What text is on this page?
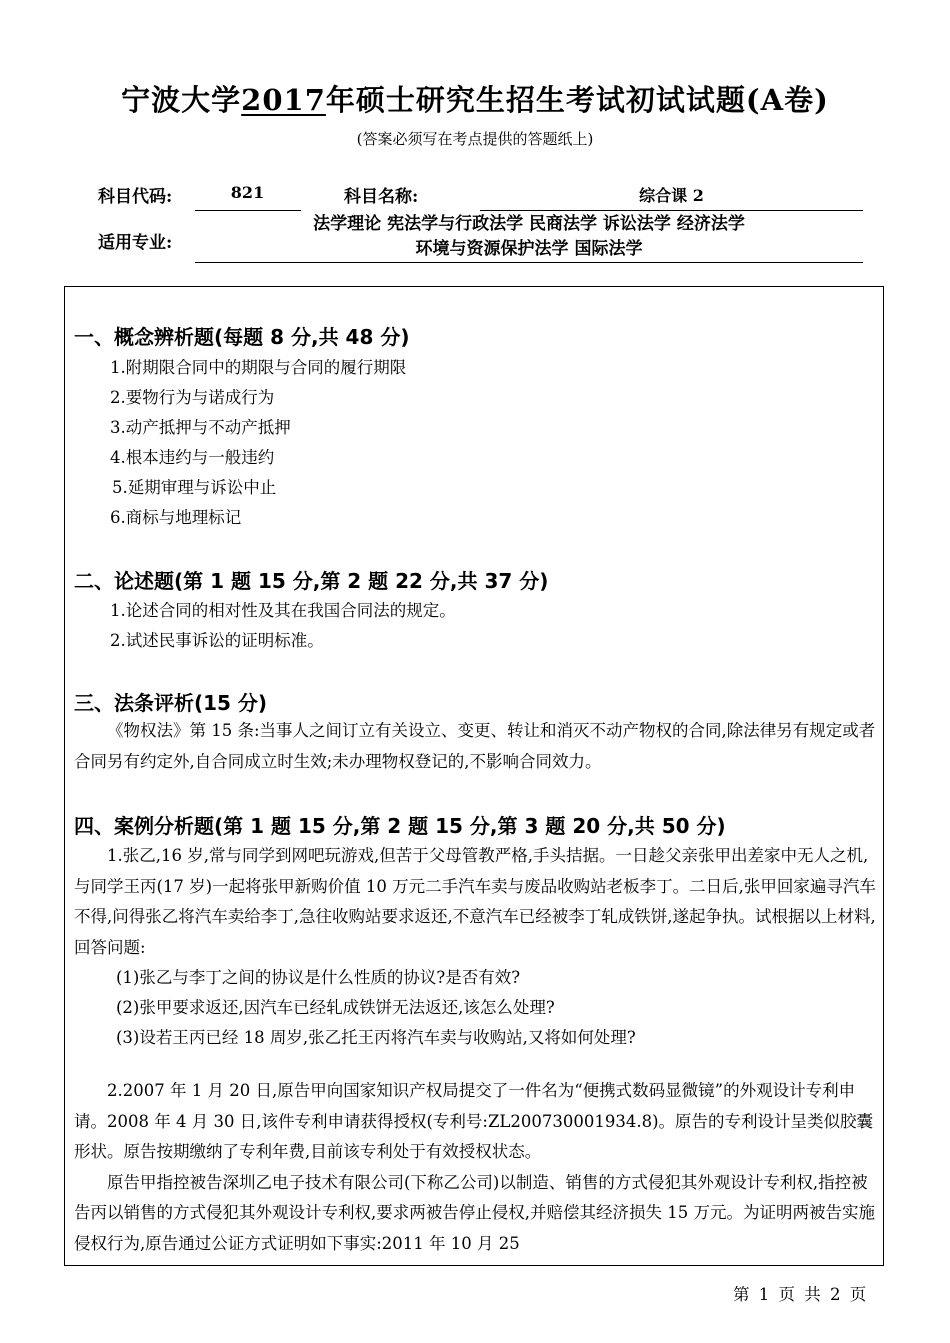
宁波大学2017年硕士研究生招生考试初试试题(A卷)
(答案必须写在考点提供的答题纸上)
科目代码:	821	科目名称:	综合课 2
适用专业:
法学理论 宪法学与行政法学 民商法学 诉讼法学 经济法学
环境与资源保护法学 国际法学
一、概念辨析题(每题 8 分,共 48 分)
1.附期限合同中的期限与合同的履行期限
2.要物行为与诺成行为
3.动产抵押与不动产抵押
4.根本违约与一般违约
5.延期审理与诉讼中止
6.商标与地理标记
二、论述题(第 1 题 15 分,第 2 题 22 分,共 37 分)
1.论述合同的相对性及其在我国合同法的规定。
2.试述民事诉讼的证明标准。
三、法条评析(15 分)

《物权法》第 15 条:当事人之间订立有关设立、变更、转让和消灭不动产物权的合同,除法律另有规定或者合同另有约定外,自合同成立时生效;未办理物权登记的,不影响合同效力。

四、案例分析题(第 1 题 15 分,第 2 题 15 分,第 3 题 20 分,共 50 分)

1.张乙,16 岁,常与同学到网吧玩游戏,但苦于父母管教严格,手头拮据。一日趁父亲张甲出差家中无人之机,与同学王丙(17 岁)一起将张甲新购价值 10 万元二手汽车卖与废品收购站老板李丁。二日后,张甲回家遍寻汽车不得,问得张乙将汽车卖给李丁,急往收购站要求返还,不意汽车已经被李丁轧成铁饼,遂起争执。试根据以上材料,回答问题:

(1)张乙与李丁之间的协议是什么性质的协议?是否有效?
(2)张甲要求返还,因汽车已经轧成铁饼无法返还,该怎么处理?
(3)设若王丙已经 18 周岁,张乙托王丙将汽车卖与收购站,又将如何处理?

2.2007 年 1 月 20 日,原告甲向国家知识产权局提交了一件名为“便携式数码显微镜”的外观设计专利申请。2008 年 4 月 30 日,该件专利申请获得授权(专利号:ZL200730001934.8)。原告的专利设计呈类似胶囊形状。原告按期缴纳了专利年费,目前该专利处于有效授权状态。

原告甲指控被告深圳乙电子技术有限公司(下称乙公司)以制造、销售的方式侵犯其外观设计专利权,指控被告丙以销售的方式侵犯其外观设计专利权,要求两被告停止侵权,并赔偿其经济损失 15 万元。为证明两被告实施侵权行为,原告通过公证方式证明如下事实:2011 年 10 月 25

第 1 页 共 2 页
